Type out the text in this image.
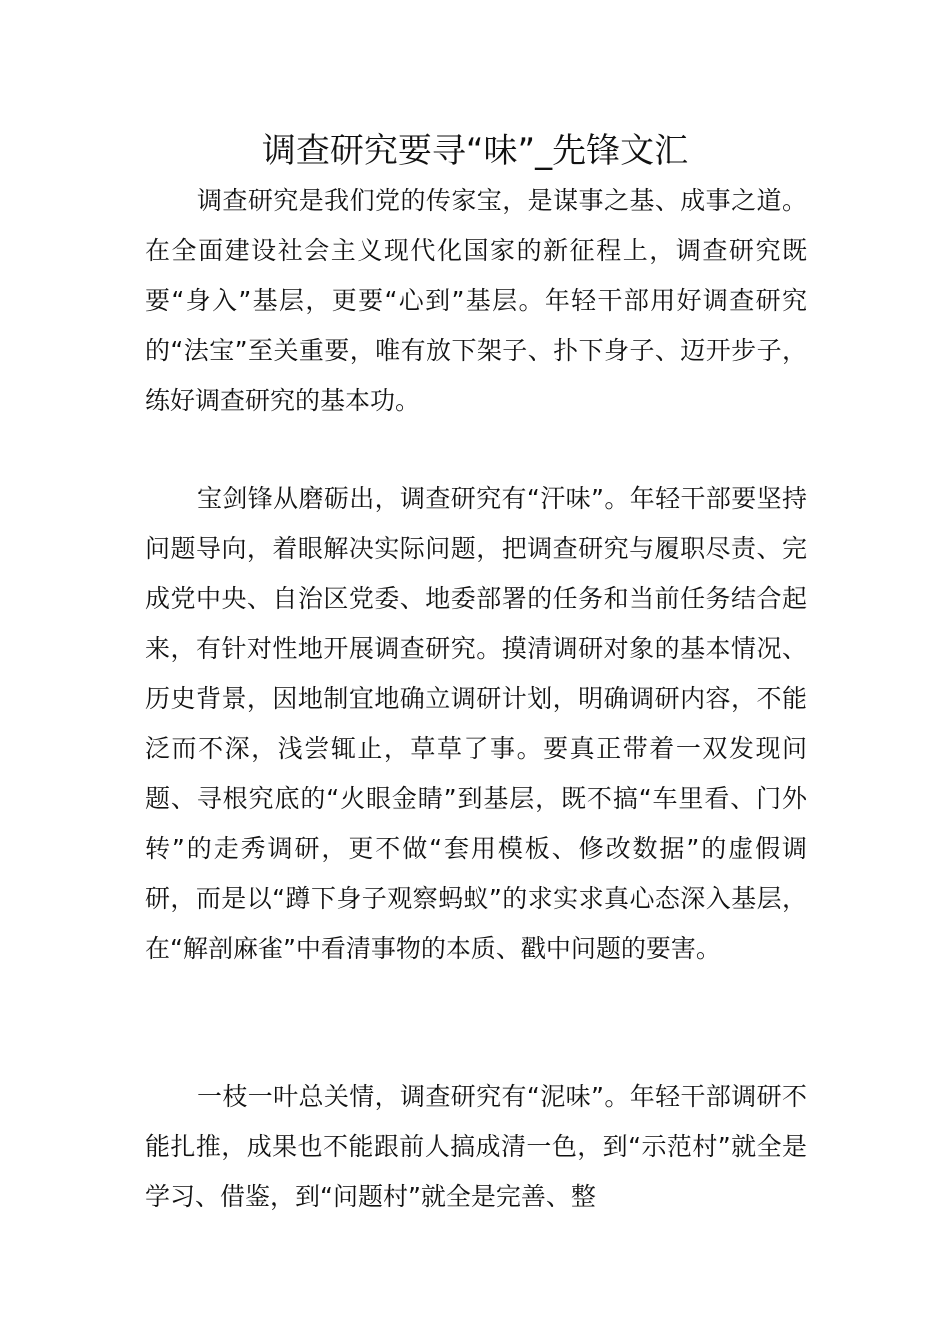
调查研究要寻“味”_先锋文汇

调查研究是我们党的传家宝，是谋事之基、成事之道。在全面建设社会主义现代化国家的新征程上，调查研究既要“身入”基层，更要“心到”基层。年轻干部用好调查研究的“法宝”至关重要，唯有放下架子、扑下身子、迈开步子，练好调查研究的基本功。

宝剑锋从磨砺出，调查研究有“汗味”。年轻干部要坚持问题导向，着眼解决实际问题，把调查研究与履职尽责、完成党中央、自治区党委、地委部署的任务和当前任务结合起来，有针对性地开展调查研究。摸清调研对象的基本情况、历史背景，因地制宜地确立调研计划，明确调研内容，不能泛而不深，浅尝辄止，草草了事。要真正带着一双发现问题、寻根究底的“火眼金睛”到基层，既不搞“车里看、门外转”的走秀调研，更不做“套用模板、修改数据”的虚假调研，而是以“蹲下身子观察蚂蚁”的求实求真心态深入基层，在“解剖麻雀”中看清事物的本质、戳中问题的要害。

一枝一叶总关情，调查研究有“泥味”。年轻干部调研不能扎推，成果也不能跟前人搞成清一色，到“示范村”就全是学习、借鉴，到“问题村”就全是完善、整
